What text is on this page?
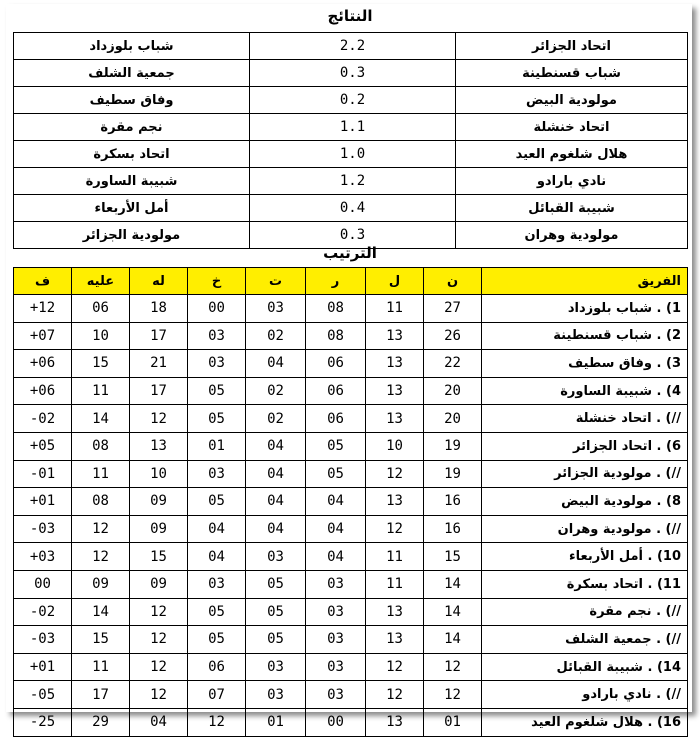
النتائج
شباب بلوزداد	2.2	اتحاد الجزائر
جمعية الشلف	0.3	شباب قسنطينة
وفاق سطيف	0.2	مولودية البيض
نجم مقرة	1.1	اتحاد خنشلة
اتحاد بسكرة	1.0	هلال شلغوم العيد
شبيبة الساورة	1.2	نادي بارادو
أمل الأربعاء	0.4	شبيبة القبائل
مولودية الجزائر	0.3	مولودية وهران
الترتيب
ف	عليه	له	خ	ت	ر	ل	ن	الفريق
+12	06	18	00	03	08	11	27	1) . شباب بلوزداد
+07	10	17	03	02	08	13	26	2) . شباب قسنطينة
+06	15	21	03	04	06	13	22	3) . وفاق سطيف
+06	11	17	05	02	06	13	20	4) . شبيبة الساورة
-02	14	12	05	02	06	13	20	//) . اتحاد خنشلة
+05	08	13	01	04	05	10	19	6) . اتحاد الجزائر
-01	11	10	03	04	05	12	19	//) . مولودية الجزائر
+01	08	09	05	04	04	13	16	8) . مولودية البيض
-03	12	09	04	04	04	12	16	//) . مولودية وهران
+03	12	15	04	03	04	11	15	10) . أمل الأربعاء
00	09	09	03	05	03	11	14	11) . اتحاد بسكرة
-02	14	12	05	05	03	13	14	//) . نجم مقرة
-03	15	12	05	05	03	13	14	//) . جمعية الشلف
+01	11	12	06	03	03	12	12	14) . شبيبة القبائل
-05	17	12	07	03	03	12	12	//) . نادي بارادو
-25	29	04	12	01	00	13	01	16) . هلال شلغوم العيد
